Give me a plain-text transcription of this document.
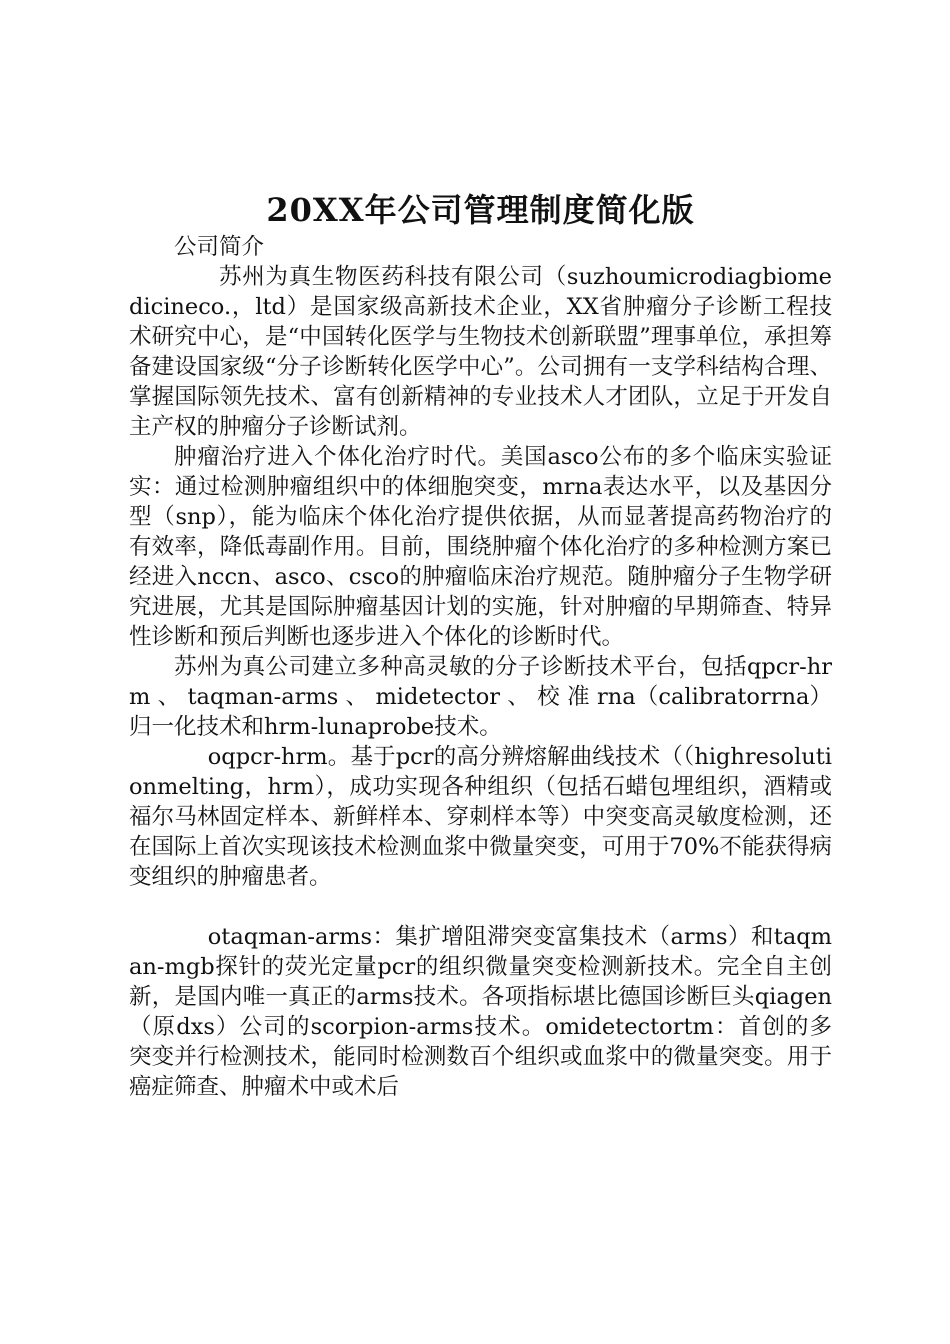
20XX年公司管理制度简化版

公司简介

苏州为真生物医药科技有限公司（suzhoumicrodiagbiomedicineco.，ltd）是国家级高新技术企业，XX省肿瘤分子诊断工程技术研究中心，是“中国转化医学与生物技术创新联盟”理事单位，承担筹备建设国家级“分子诊断转化医学中心”。公司拥有一支学科结构合理、掌握国际领先技术、富有创新精神的专业技术人才团队，立足于开发自主产权的肿瘤分子诊断试剂。

肿瘤治疗进入个体化治疗时代。美国asco公布的多个临床实验证实：通过检测肿瘤组织中的体细胞突变，mrna表达水平，以及基因分型（snp），能为临床个体化治疗提供依据，从而显著提高药物治疗的有效率，降低毒副作用。目前，围绕肿瘤个体化治疗的多种检测方案已经进入nccn、asco、csco的肿瘤临床治疗规范。随肿瘤分子生物学研究进展，尤其是国际肿瘤基因计划的实施，针对肿瘤的早期筛查、特异性诊断和预后判断也逐步进入个体化的诊断时代。

苏州为真公司建立多种高灵敏的分子诊断技术平台，包括qpcr-hrm 、 taqman-arms 、 midetector 、 校 准 rna（calibratorrna）归一化技术和hrm-lunaprobe技术。

oqpcr-hrm。基于pcr的高分辨熔解曲线技术（（highresolutionmelting，hrm），成功实现各种组织（包括石蜡包埋组织，酒精或福尔马林固定样本、新鲜样本、穿刺样本等）中突变高灵敏度检测，还在国际上首次实现该技术检测血浆中微量突变，可用于70%不能获得病变组织的肿瘤患者。

otaqman-arms：集扩增阻滞突变富集技术（arms）和taqman-mgb探针的荧光定量pcr的组织微量突变检测新技术。完全自主创新，是国内唯一真正的arms技术。各项指标堪比德国诊断巨头qiagen（原dxs）公司的scorpion-arms技术。omidetectortm：首创的多突变并行检测技术，能同时检测数百个组织或血浆中的微量突变。用于癌症筛查、肿瘤术中或术后
